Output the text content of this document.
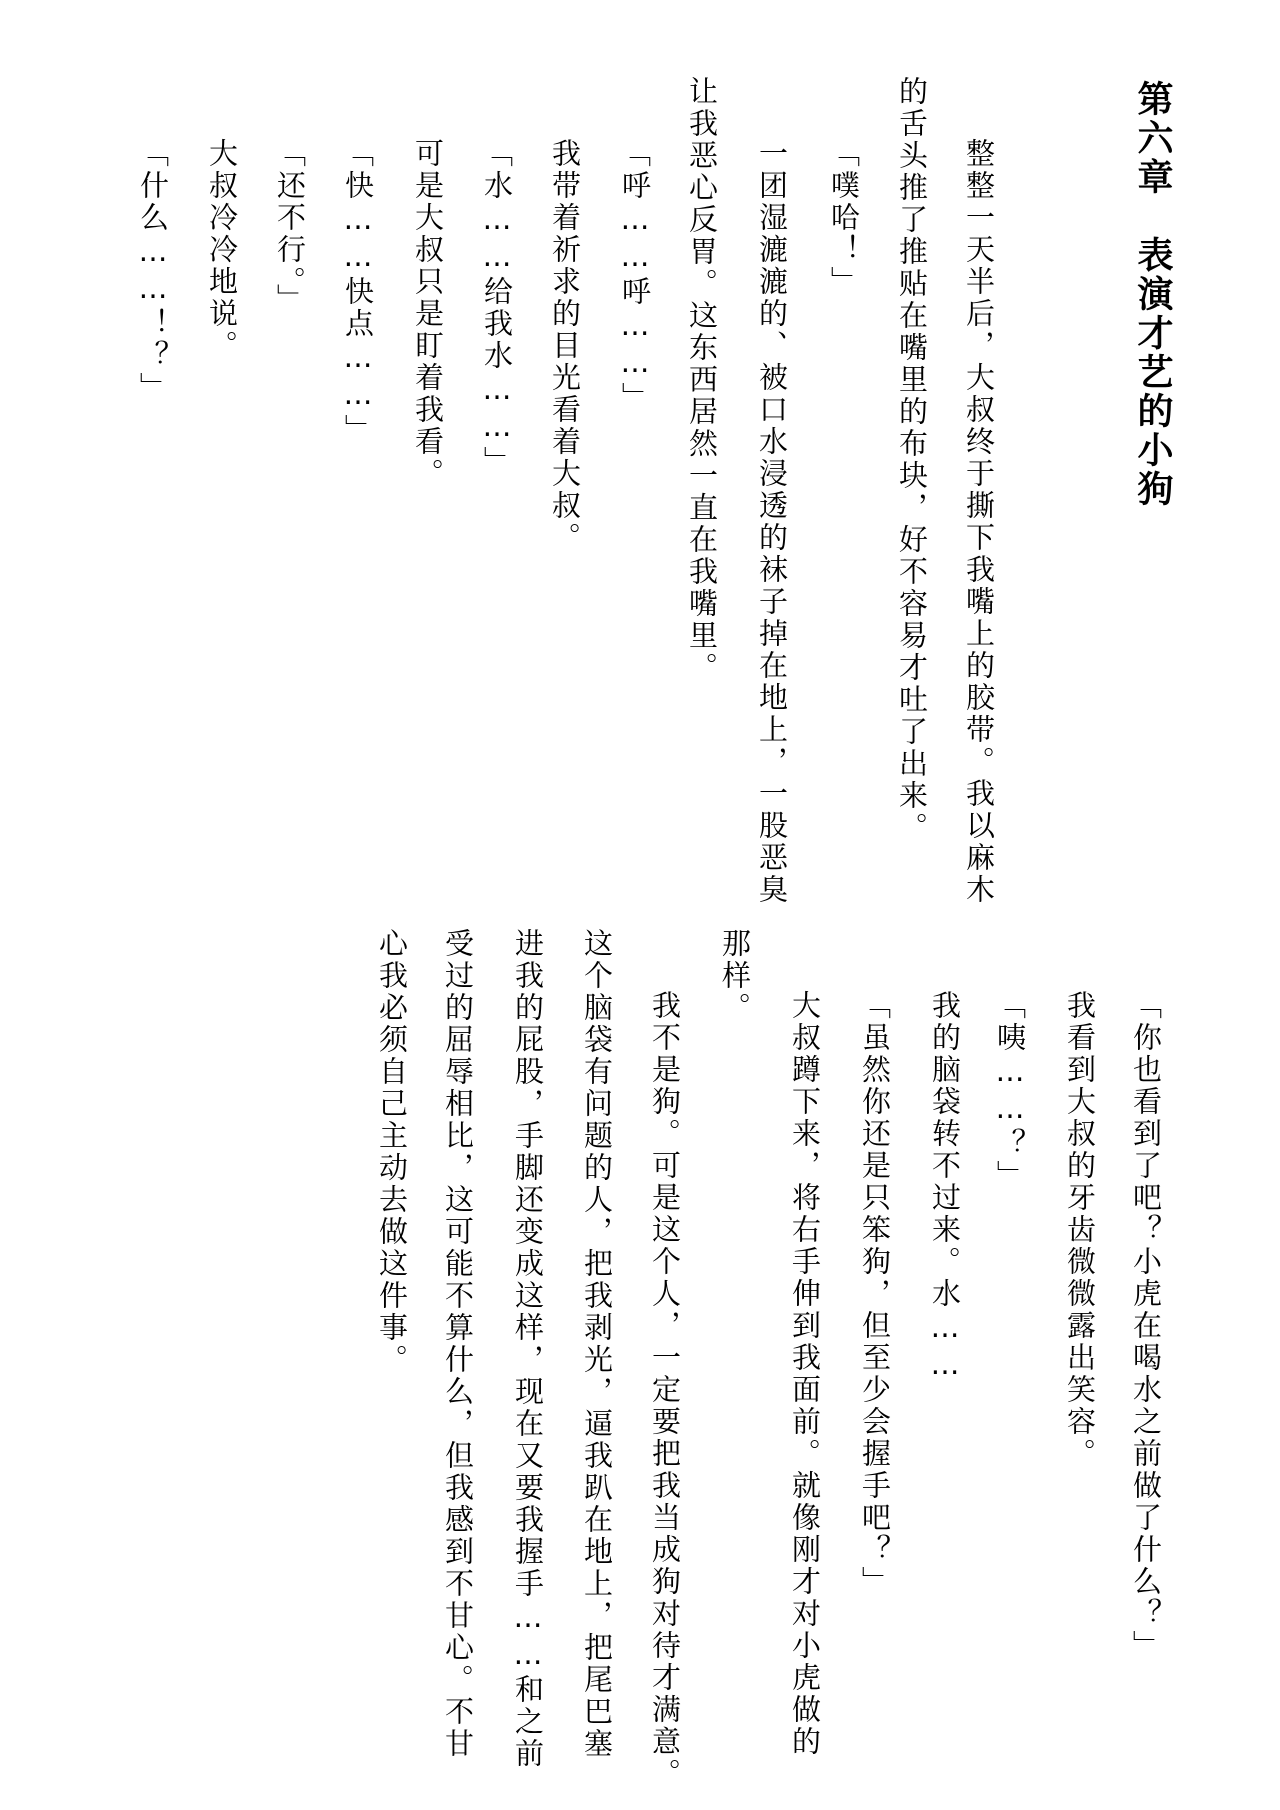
第六章　表演才艺的小狗
整整一天半后，大叔终于撕下我嘴上的胶带。我以麻木
的舌头推了推贴在嘴里的布块，好不容易才吐了出来。
「噗哈！」
一团湿漉漉的、被口水浸透的袜子掉在地上，一股恶臭
让我恶心反胃。这东西居然一直在我嘴里。
「呼……呼……」
我带着祈求的目光看着大叔。
「水……给我水……」
可是大叔只是盯着我看。
「快……快点……」
「还不行。」
大叔冷冷地说。
「什么……！？」
「你也看到了吧？小虎在喝水之前做了什么？」
我看到大叔的牙齿微微露出笑容。
「咦……？」
我的脑袋转不过来。水……
「虽然你还是只笨狗，但至少会握手吧？」
大叔蹲下来，将右手伸到我面前。就像刚才对小虎做的
那样。
我不是狗。可是这个人，一定要把我当成狗对待才满意。
这个脑袋有问题的人，把我剥光，逼我趴在地上，把尾巴塞
进我的屁股，手脚还变成这样，现在又要我握手……和之前
受过的屈辱相比，这可能不算什么，但我感到不甘心。不甘
心我必须自己主动去做这件事。
